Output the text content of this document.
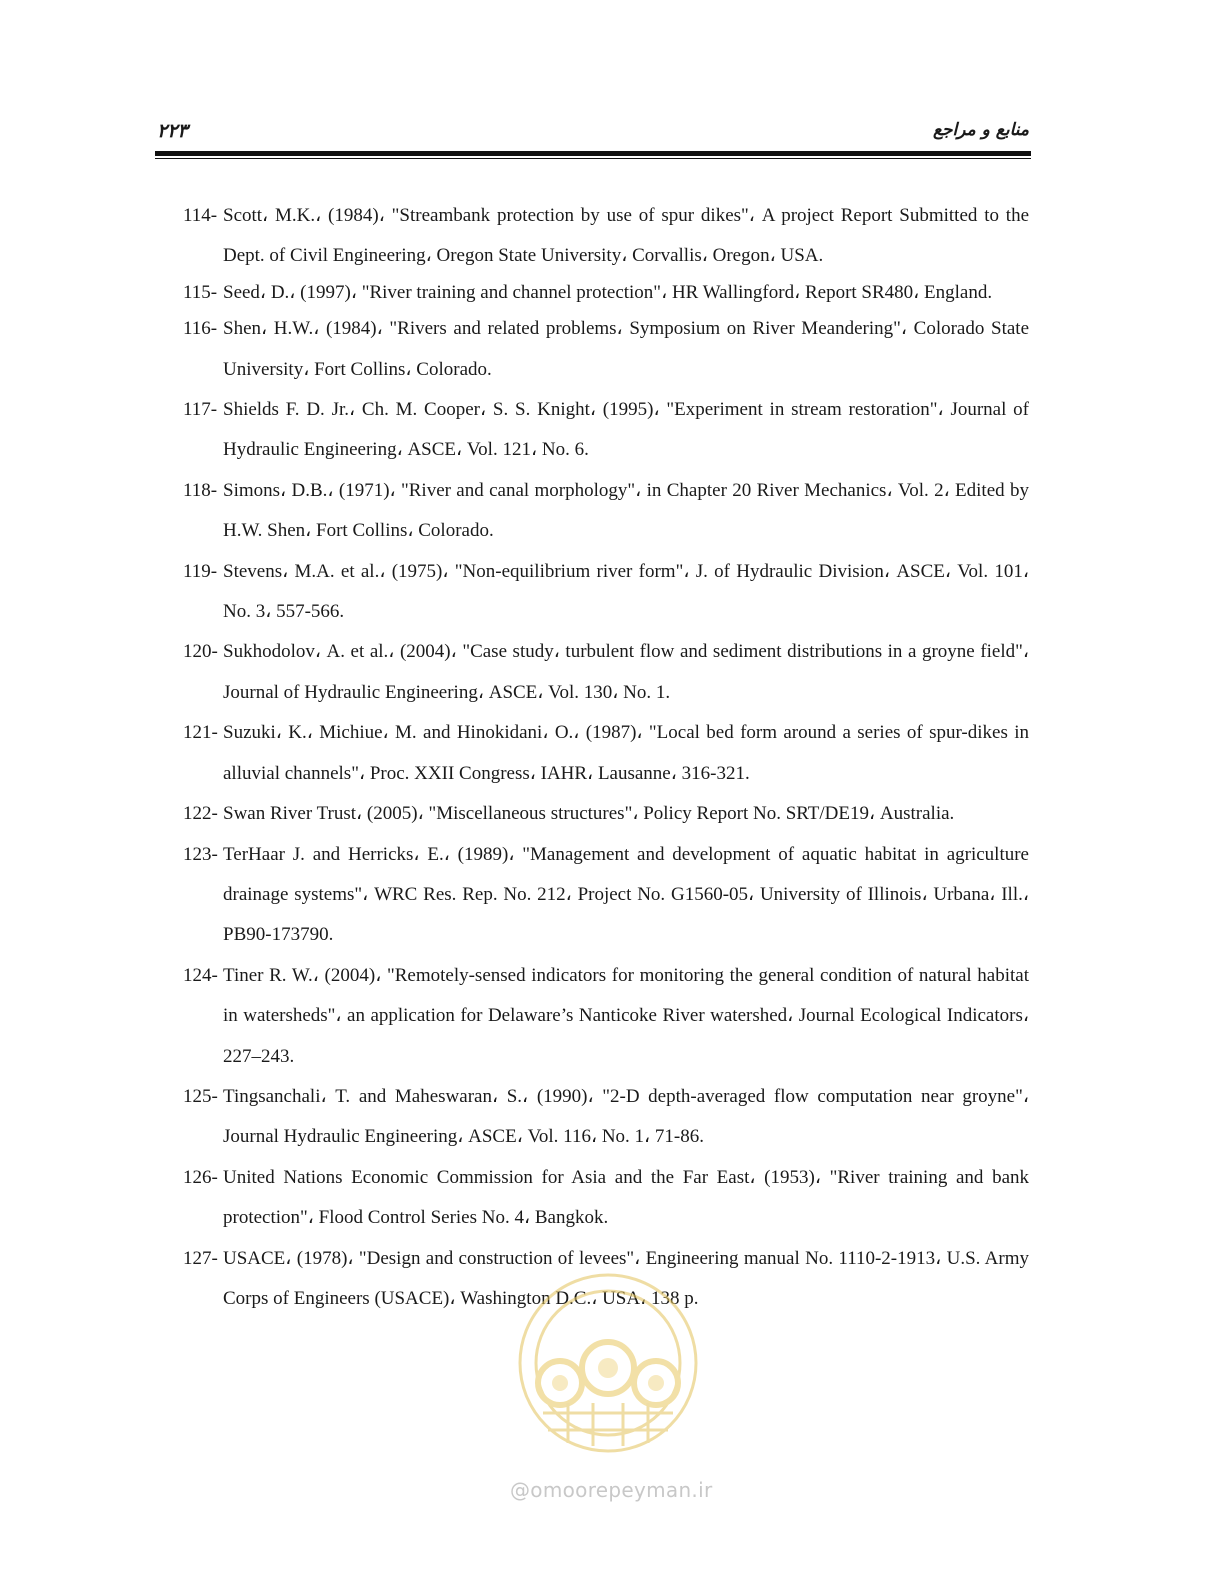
۲۲۳	منابع و مراجع
114- Scott، M.K.، (1984)، "Streambank protection by use of spur dikes"، A project Report Submitted to the Dept. of Civil Engineering، Oregon State University، Corvallis، Oregon، USA.
115- Seed، D.، (1997)، "River training and channel protection"، HR Wallingford، Report SR480، England.
116- Shen، H.W.، (1984)، "Rivers and related problems، Symposium on River Meandering"، Colorado State University، Fort Collins، Colorado.
117- Shields F. D. Jr.، Ch. M. Cooper، S. S. Knight، (1995)، "Experiment in stream restoration"، Journal of Hydraulic Engineering، ASCE، Vol. 121، No. 6.
118- Simons، D.B.، (1971)، "River and canal morphology"، in Chapter 20 River Mechanics، Vol. 2، Edited by H.W. Shen، Fort Collins، Colorado.
119- Stevens، M.A. et al.، (1975)، "Non-equilibrium river form"، J. of Hydraulic Division، ASCE، Vol. 101، No. 3، 557-566.
120- Sukhodolov، A. et al.، (2004)، "Case study، turbulent flow and sediment distributions in a groyne field"، Journal of Hydraulic Engineering، ASCE، Vol. 130، No. 1.
121- Suzuki، K.، Michiue، M. and Hinokidani، O.، (1987)، "Local bed form around a series of spur-dikes in alluvial channels"، Proc. XXII Congress، IAHR، Lausanne، 316-321.
122- Swan River Trust، (2005)، "Miscellaneous structures"، Policy Report No. SRT/DE19، Australia.
123- TerHaar J. and Herricks، E.، (1989)، "Management and development of aquatic habitat in agriculture drainage systems"، WRC Res. Rep. No. 212، Project No. G1560-05، University of Illinois، Urbana، Ill.، PB90-173790.
124- Tiner R. W.، (2004)، "Remotely-sensed indicators for monitoring the general condition of natural habitat in watersheds"، an application for Delaware’s Nanticoke River watershed، Journal Ecological Indicators، 227–243.
125- Tingsanchali، T. and Maheswaran، S.، (1990)، "2-D depth-averaged flow computation near groyne"، Journal Hydraulic Engineering، ASCE، Vol. 116، No. 1، 71-86.
126- United Nations Economic Commission for Asia and the Far East، (1953)، "River training and bank protection"، Flood Control Series No. 4، Bangkok.
127- USACE، (1978)، "Design and construction of levees"، Engineering manual No. 1110-2-1913، U.S. Army Corps of Engineers (USACE)، Washington D.C.، USA، 138 p.
@omoorepeyman.ir
